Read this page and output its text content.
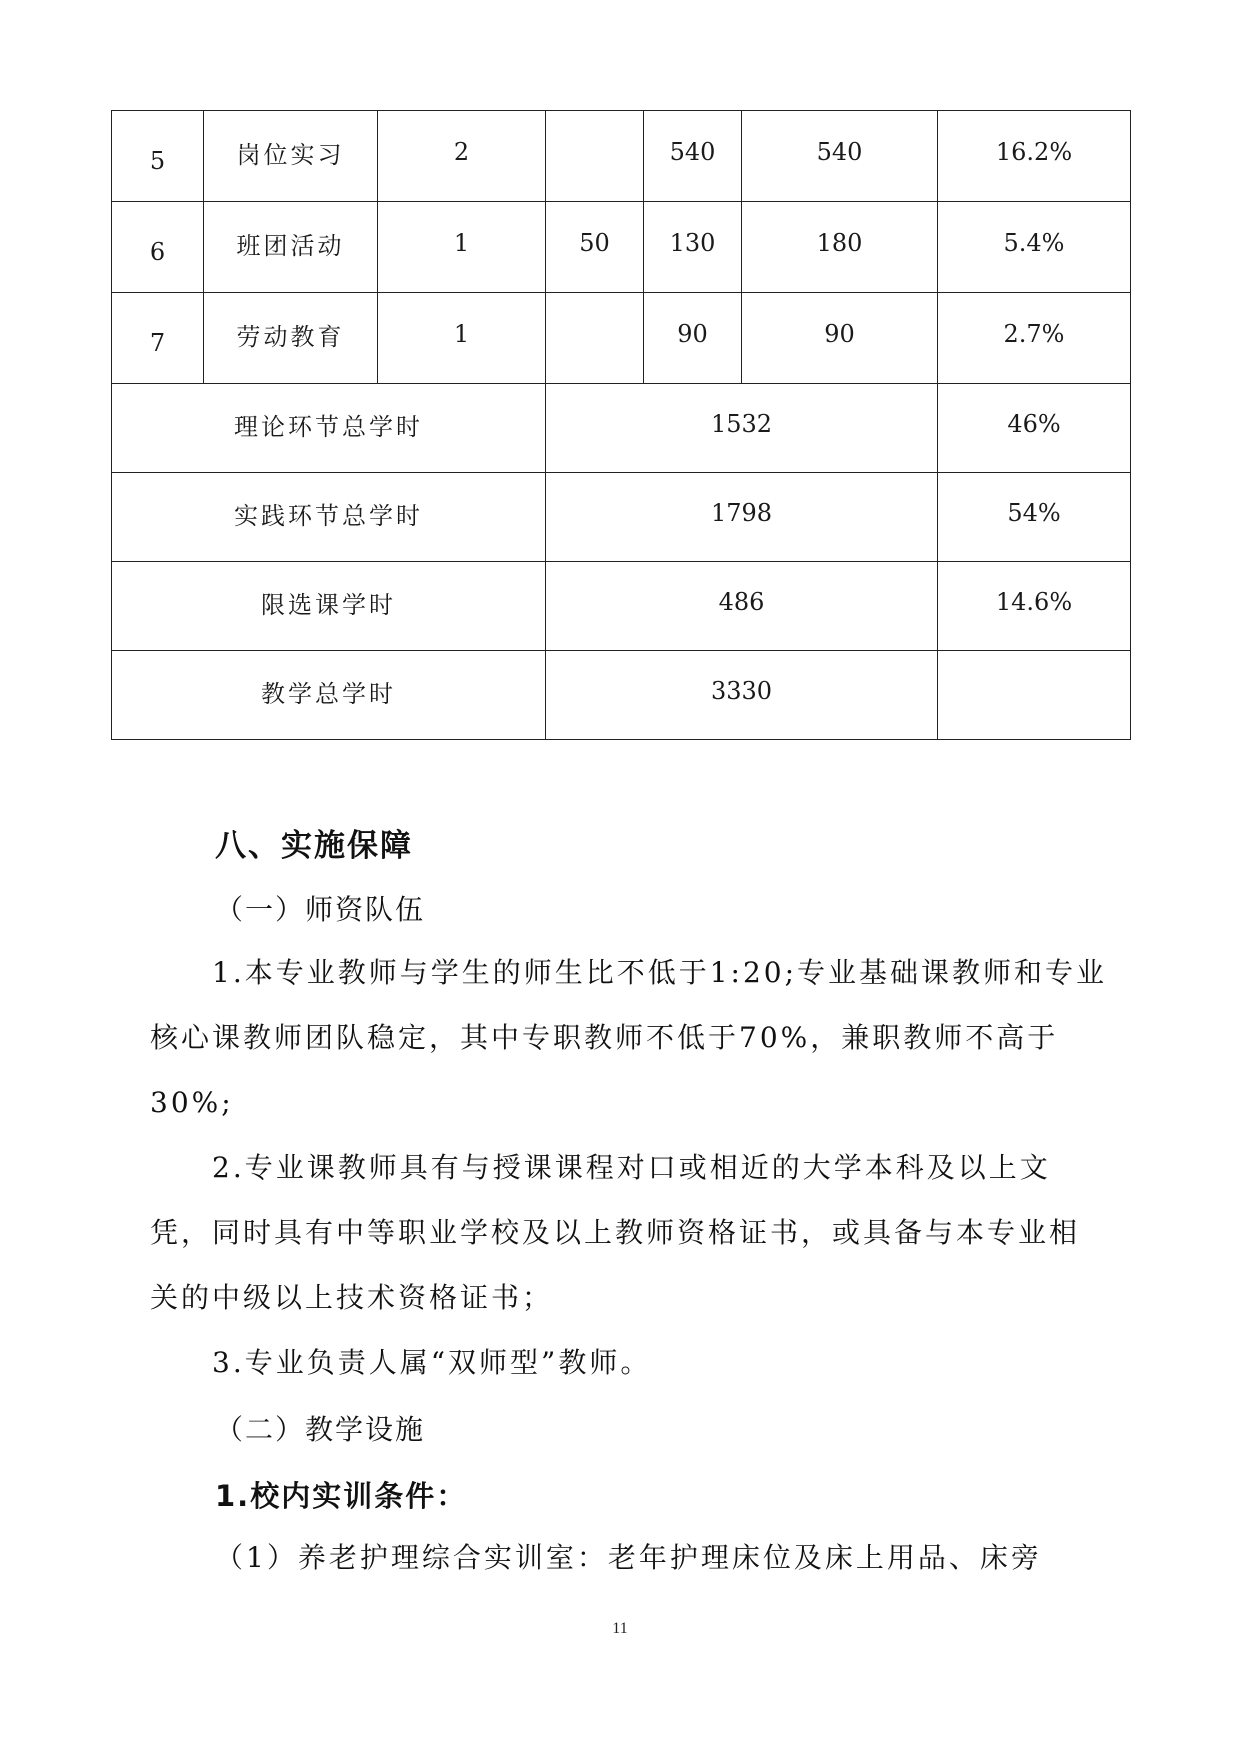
5	岗位实习	2		540	540	16.2%
6	班团活动	1	50	130	180	5.4%
7	劳动教育	1		90	90	2.7%
理论环节总学时			1532			46%
实践环节总学时			1798			54%
限选课学时			486			14.6%
教学总学时			3330			
八、实施保障
（一）师资队伍

1.本专业教师与学生的师生比不低于1:20;专业基础课教师和专业核心课教师团队稳定，其中专职教师不低于70%，兼职教师不高于30%;

2.专业课教师具有与授课课程对口或相近的大学本科及以上文凭，同时具有中等职业学校及以上教师资格证书，或具备与本专业相关的中级以上技术资格证书；

3.专业负责人属“双师型”教师。

（二）教学设施
1.校内实训条件：

（1）养老护理综合实训室：老年护理床位及床上用品、床旁

11
